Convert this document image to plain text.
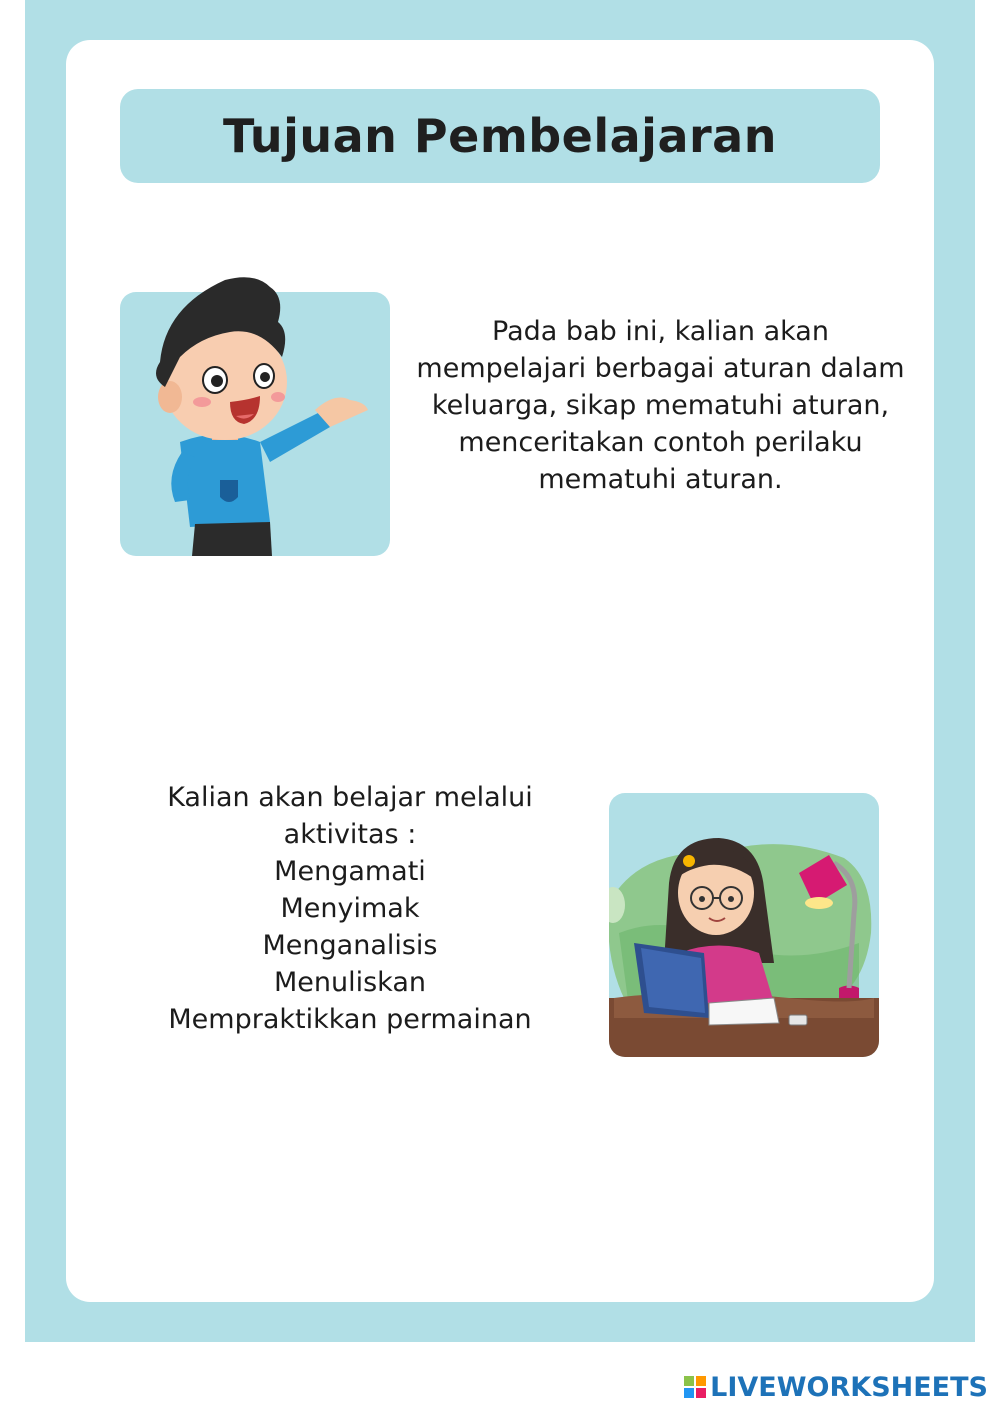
Tujuan Pembelajaran
Pada bab ini, kalian akan
mempelajari berbagai aturan dalam
keluarga, sikap mematuhi aturan,
menceritakan contoh perilaku
mematuhi aturan.
Kalian akan belajar melalui
aktivitas :
Mengamati
Menyimak
Menganalisis
Menuliskan
Mempraktikkan permainan
LIVEWORKSHEETS
